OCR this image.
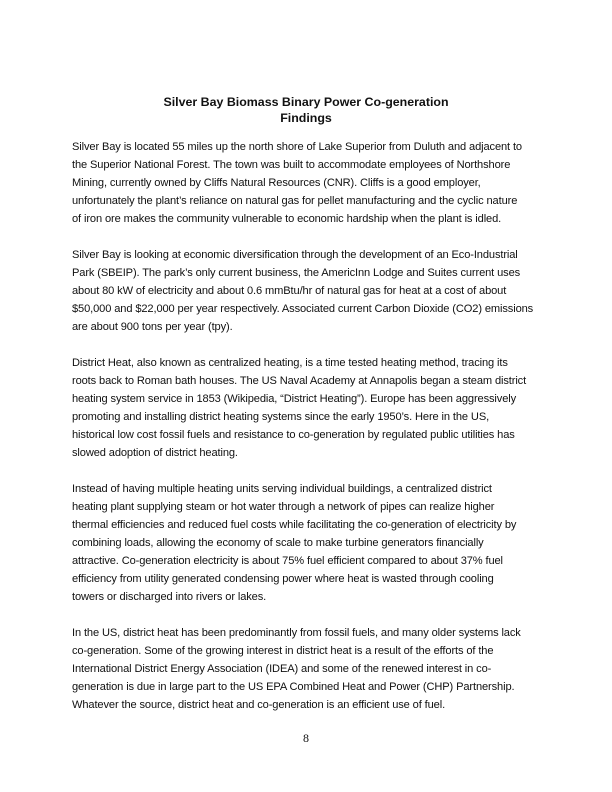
Silver Bay Biomass Binary Power Co-generation
Findings

Silver Bay is located 55 miles up the north shore of Lake Superior from Duluth and adjacent to
the Superior National Forest. The town was built to accommodate employees of Northshore
Mining, currently owned by Cliffs Natural Resources (CNR). Cliffs is a good employer,
unfortunately the plant’s reliance on natural gas for pellet manufacturing and the cyclic nature
of iron ore makes the community vulnerable to economic hardship when the plant is idled.

Silver Bay is looking at economic diversification through the development of an Eco-Industrial
Park (SBEIP). The park’s only current business, the AmericInn Lodge and Suites current uses
about 80 kW of electricity and about 0.6 mmBtu/hr of natural gas for heat at a cost of about
$50,000 and $22,000 per year respectively. Associated current Carbon Dioxide (CO2) emissions
are about 900 tons per year (tpy).

District Heat, also known as centralized heating, is a time tested heating method, tracing its
roots back to Roman bath houses. The US Naval Academy at Annapolis began a steam district
heating system service in 1853 (Wikipedia, “District Heating”). Europe has been aggressively
promoting and installing district heating systems since the early 1950’s. Here in the US,
historical low cost fossil fuels and resistance to co-generation by regulated public utilities has
slowed adoption of district heating.

Instead of having multiple heating units serving individual buildings, a centralized district
heating plant supplying steam or hot water through a network of pipes can realize higher
thermal efficiencies and reduced fuel costs while facilitating the co-generation of electricity by
combining loads, allowing the economy of scale to make turbine generators financially
attractive. Co-generation electricity is about 75% fuel efficient compared to about 37% fuel
efficiency from utility generated condensing power where heat is wasted through cooling
towers or discharged into rivers or lakes.

In the US, district heat has been predominantly from fossil fuels, and many older systems lack
co-generation. Some of the growing interest in district heat is a result of the efforts of the
International District Energy Association (IDEA) and some of the renewed interest in co-
generation is due in large part to the US EPA Combined Heat and Power (CHP) Partnership.
Whatever the source, district heat and co-generation is an efficient use of fuel.

8
